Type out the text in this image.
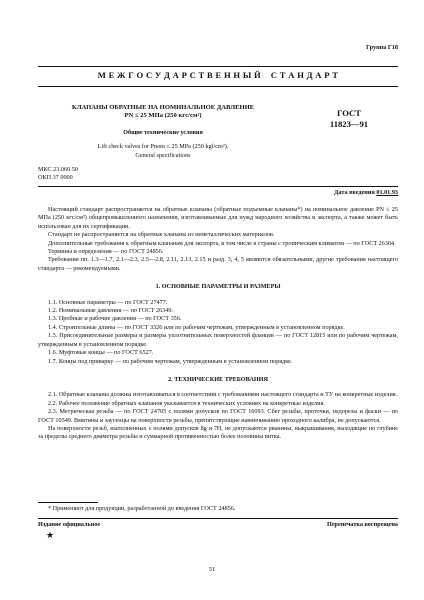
Группа Г18
М Е Ж Г О С У Д А Р С Т В Е Н Н Ы Й    С Т А Н Д А Р Т
КЛАПАНЫ ОБРАТНЫЕ НА НОМИНАЛЬНОЕ ДАВЛЕНИЕ
PN ≤ 25 МПа (250 кгс/см²)
Общие технические условия
Lift check valves for Pnom ≤ 25 MPa (250 kgf/cm²).
General specifications
ГОСТ
11823—91
МКС 23.060.50
ОКП 37 0000
Дата введения 01.01.93

Настоящий стандарт распространяется на обратные клапаны (обратные подъемные клапаны*) на номинальное давление PN ≤ 25 МПа (250 кгс/см²) общепромышленного назначения, изготавливаемые для нужд народного хозяйства и экспорта, а также может быть использован для их сертификации.

Стандарт не распространяется на обратные клапаны из неметаллических материалов.

Дополнительные требования к обратным клапанам для экспорта, в том числе в страны с тропическим климатом — по ГОСТ 26304.

Термины и определения — по ГОСТ 24856.

Требования пп. 1.3—1.7, 2.1—2.3, 2.5—2.8, 2.11, 2.13, 2.15 и разд. 3, 4, 5 являются обязательными, другие требования настоящего стандарта — рекомендуемыми.

1. ОСНОВНЫЕ ПАРАМЕТРЫ И РАЗМЕРЫ

1.1. Основные параметры — по ГОСТ 27477.

1.2. Номинальные давления — по ГОСТ 26349.

1.3. Пробные и рабочие давления — по ГОСТ 356.

1.4. Строительные длины — по ГОСТ 3326 или по рабочим чертежам, утвержденным в установленном порядке.

1.5. Присоединительные размеры и размеры уплотнительных поверхностей фланцев — по ГОСТ 12815 или по рабочим чертежам, утвержденным в установленном порядке.

1.6. Муфтовые концы — по ГОСТ 6527.

1.7. Концы под приварку — по рабочим чертежам, утвержденным в установленном порядке.

2. ТЕХНИЧЕСКИЕ ТРЕБОВАНИЯ

2.1. Обратные клапаны должны изготавливаться в соответствии с требованиями настоящего стандарта и ТУ на конкретные изделия.

2.2. Рабочее положение обратных клапанов указывается в технических условиях на конкретные изделия.

2.3. Метрическая резьба — по ГОСТ 24705 с полями допусков по ГОСТ 16093. Сбег резьбы, проточки, недорезы и фаски — по ГОСТ 10549. Вмятины и заусенцы на поверхности резьбы, препятствующие навинчиванию проходного калибра, не допускаются.

На поверхности резьб, выполненных с полями допусков 8g и 7H, не допускаются рванины, выкрашивания, выходящие по глубине за пределы среднего диаметра резьбы и суммарной протяженностью более половины витка.

* Применяют для продукции, разработанной до введения ГОСТ 24856.
Издание официальное	Перепечатка воспрещена
★
51
